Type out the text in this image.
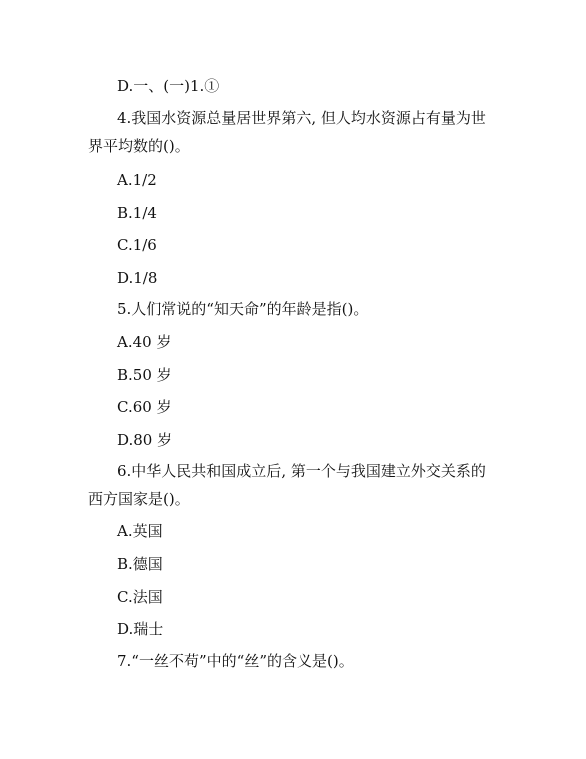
D.一、(一)1.①
4.我国水资源总量居世界第六, 但人均水资源占有量为世
界平均数的()。
A.1/2
B.1/4
C.1/6
D.1/8
5.人们常说的“知天命”的年龄是指()。
A.40 岁
B.50 岁
C.60 岁
D.80 岁
6.中华人民共和国成立后, 第一个与我国建立外交关系的
西方国家是()。
A.英国
B.德国
C.法国
D.瑞士
7.“一丝不苟”中的“丝”的含义是()。
